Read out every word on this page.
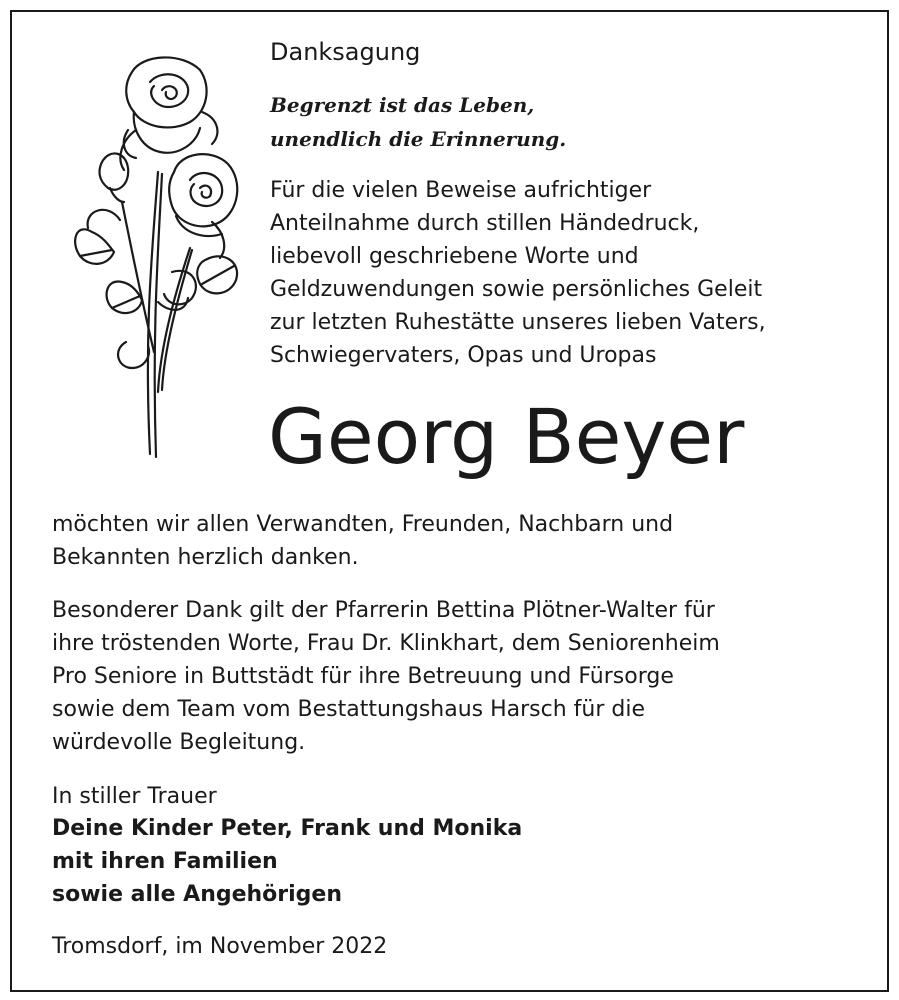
Danksagung

Begrenzt ist das Leben,
unendlich die Erinnerung.
Für die vielen Beweise aufrichtiger
Anteilnahme durch stillen Händedruck,
liebevoll geschriebene Worte und
Geldzuwendungen sowie persönliches Geleit
zur letzten Ruhestätte unseres lieben Vaters,
Schwiegervaters, Opas und Uropas

Georg Beyer

möchten wir allen Verwandten, Freunden, Nachbarn und
Bekannten herzlich danken.
Besonderer Dank gilt der Pfarrerin Bettina Plötner-Walter für
ihre tröstenden Worte, Frau Dr. Klinkhart, dem Seniorenheim
Pro Seniore in Buttstädt für ihre Betreuung und Fürsorge
sowie dem Team vom Bestattungshaus Harsch für die
würdevolle Begleitung.

In stiller Trauer

Deine Kinder Peter, Frank und Monika
mit ihren Familien
sowie alle Angehörigen

Tromsdorf, im November 2022
